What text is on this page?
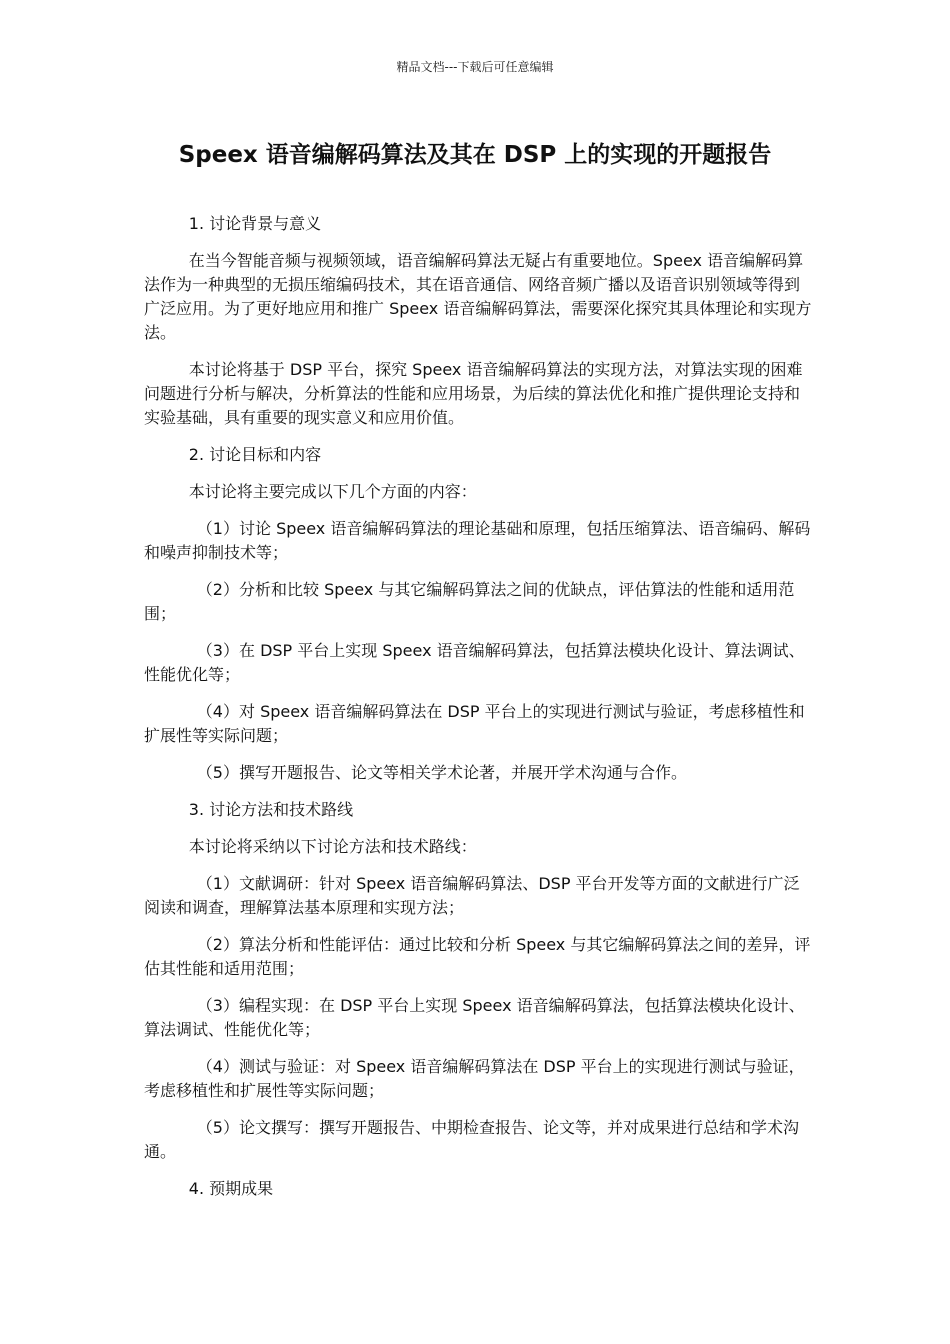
精品文档---下载后可任意编辑
Speex 语音编解码算法及其在 DSP 上的实现的开题报告

1. 讨论背景与意义

在当今智能音频与视频领域，语音编解码算法无疑占有重要地位。Speex 语音编解码算法作为一种典型的无损压缩编码技术，其在语音通信、网络音频广播以及语音识别领域等得到广泛应用。为了更好地应用和推广 Speex 语音编解码算法，需要深化探究其具体理论和实现方法。

本讨论将基于 DSP 平台，探究 Speex 语音编解码算法的实现方法，对算法实现的困难问题进行分析与解决，分析算法的性能和应用场景，为后续的算法优化和推广提供理论支持和实验基础，具有重要的现实意义和应用价值。

2. 讨论目标和内容

本讨论将主要完成以下几个方面的内容：

（1）讨论 Speex 语音编解码算法的理论基础和原理，包括压缩算法、语音编码、解码和噪声抑制技术等；

（2）分析和比较 Speex 与其它编解码算法之间的优缺点，评估算法的性能和适用范围；

（3）在 DSP 平台上实现 Speex 语音编解码算法，包括算法模块化设计、算法调试、性能优化等；

（4）对 Speex 语音编解码算法在 DSP 平台上的实现进行测试与验证，考虑移植性和扩展性等实际问题；

（5）撰写开题报告、论文等相关学术论著，并展开学术沟通与合作。

3. 讨论方法和技术路线

本讨论将采纳以下讨论方法和技术路线：

（1）文献调研：针对 Speex 语音编解码算法、DSP 平台开发等方面的文献进行广泛阅读和调查，理解算法基本原理和实现方法；

（2）算法分析和性能评估：通过比较和分析 Speex 与其它编解码算法之间的差异，评估其性能和适用范围；

（3）编程实现：在 DSP 平台上实现 Speex 语音编解码算法，包括算法模块化设计、算法调试、性能优化等；

（4）测试与验证：对 Speex 语音编解码算法在 DSP 平台上的实现进行测试与验证，考虑移植性和扩展性等实际问题；

（5）论文撰写：撰写开题报告、中期检查报告、论文等，并对成果进行总结和学术沟通。

4. 预期成果
